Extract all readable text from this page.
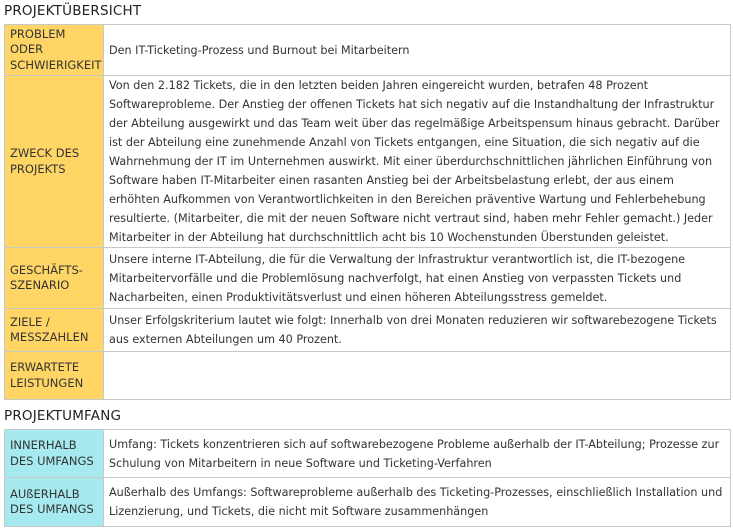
PROJEKTÜBERSICHT
PROBLEM ODER SCHWIERIGKEIT	Den IT-Ticketing-Prozess und Burnout bei Mitarbeitern
ZWECK DES PROJEKTS	Von den 2.182 Tickets, die in den letzten beiden Jahren eingereicht wurden, betrafen 48 Prozent Softwareprobleme. Der Anstieg der offenen Tickets hat sich negativ auf die Instandhaltung der Infrastruktur der Abteilung ausgewirkt und das Team weit über das regelmäßige Arbeitspensum hinaus gebracht. Darüber ist der Abteilung eine zunehmende Anzahl von Tickets entgangen, eine Situation, die sich negativ auf die Wahrnehmung der IT im Unternehmen auswirkt. Mit einer überdurchschnittlichen jährlichen Einführung von Software haben IT-Mitarbeiter einen rasanten Anstieg bei der Arbeitsbelastung erlebt, der aus einem erhöhten Aufkommen von Verantwortlichkeiten in den Bereichen präventive Wartung und Fehlerbehebung resultierte. (Mitarbeiter, die mit der neuen Software nicht vertraut sind, haben mehr Fehler gemacht.) Jeder Mitarbeiter in der Abteilung hat durchschnittlich acht bis 10 Wochenstunden Überstunden geleistet.
GESCHÄFTS-SZENARIO	Unsere interne IT-Abteilung, die für die Verwaltung der Infrastruktur verantwortlich ist, die IT-bezogene Mitarbeitervorfälle und die Problemlösung nachverfolgt, hat einen Anstieg von verpassten Tickets und Nacharbeiten, einen Produktivitätsverlust und einen höheren Abteilungsstress gemeldet.
ZIELE / MESSZAHLEN	Unser Erfolgskriterium lautet wie folgt: Innerhalb von drei Monaten reduzieren wir softwarebezogene Tickets aus externen Abteilungen um 40 Prozent.
ERWARTETE LEISTUNGEN	
PROJEKTUMFANG
INNERHALB DES UMFANGS	Umfang: Tickets konzentrieren sich auf softwarebezogene Probleme außerhalb der IT-Abteilung; Prozesse zur Schulung von Mitarbeitern in neue Software und Ticketing-Verfahren
AUßERHALB DES UMFANGS	Außerhalb des Umfangs: Softwareprobleme außerhalb des Ticketing-Prozesses, einschließlich Installation und Lizenzierung, und Tickets, die nicht mit Software zusammenhängen
